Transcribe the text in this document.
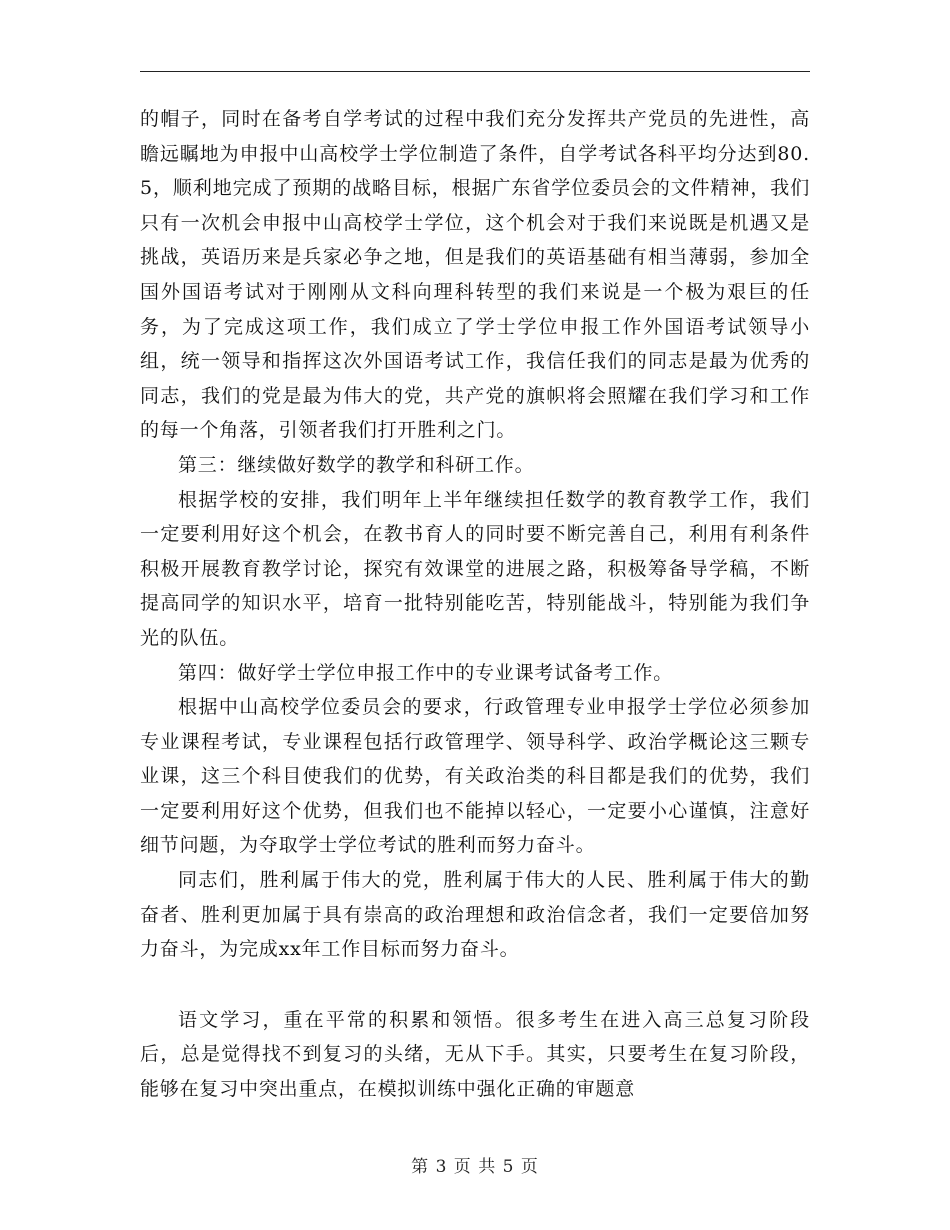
的帽子，同时在备考自学考试的过程中我们充分发挥共产党员的先进性，高瞻远瞩地为申报中山高校学士学位制造了条件，自学考试各科平均分达到80.5，顺利地完成了预期的战略目标，根据广东省学位委员会的文件精神，我们只有一次机会申报中山高校学士学位，这个机会对于我们来说既是机遇又是挑战，英语历来是兵家必争之地，但是我们的英语基础有相当薄弱，参加全国外国语考试对于刚刚从文科向理科转型的我们来说是一个极为艰巨的任务，为了完成这项工作，我们成立了学士学位申报工作外国语考试领导小组，统一领导和指挥这次外国语考试工作，我信任我们的同志是最为优秀的同志，我们的党是最为伟大的党，共产党的旗帜将会照耀在我们学习和工作的每一个角落，引领者我们打开胜利之门。

第三：继续做好数学的教学和科研工作。

根据学校的安排，我们明年上半年继续担任数学的教育教学工作，我们一定要利用好这个机会，在教书育人的同时要不断完善自己，利用有利条件积极开展教育教学讨论，探究有效课堂的进展之路，积极筹备导学稿，不断提高同学的知识水平，培育一批特别能吃苦，特别能战斗，特别能为我们争光的队伍。

第四：做好学士学位申报工作中的专业课考试备考工作。

根据中山高校学位委员会的要求，行政管理专业申报学士学位必须参加专业课程考试，专业课程包括行政管理学、领导科学、政治学概论这三颗专业课，这三个科目使我们的优势，有关政治类的科目都是我们的优势，我们一定要利用好这个优势，但我们也不能掉以轻心，一定要小心谨慎，注意好细节问题，为夺取学士学位考试的胜利而努力奋斗。

同志们，胜利属于伟大的党，胜利属于伟大的人民、胜利属于伟大的勤奋者、胜利更加属于具有崇高的政治理想和政治信念者，我们一定要倍加努力奋斗，为完成xx年工作目标而努力奋斗。

语文学习，重在平常的积累和领悟。很多考生在进入高三总复习阶段后，总是觉得找不到复习的头绪，无从下手。其实，只要考生在复习阶段，能够在复习中突出重点，在模拟训练中强化正确的审题意

第 3 页 共 5 页
